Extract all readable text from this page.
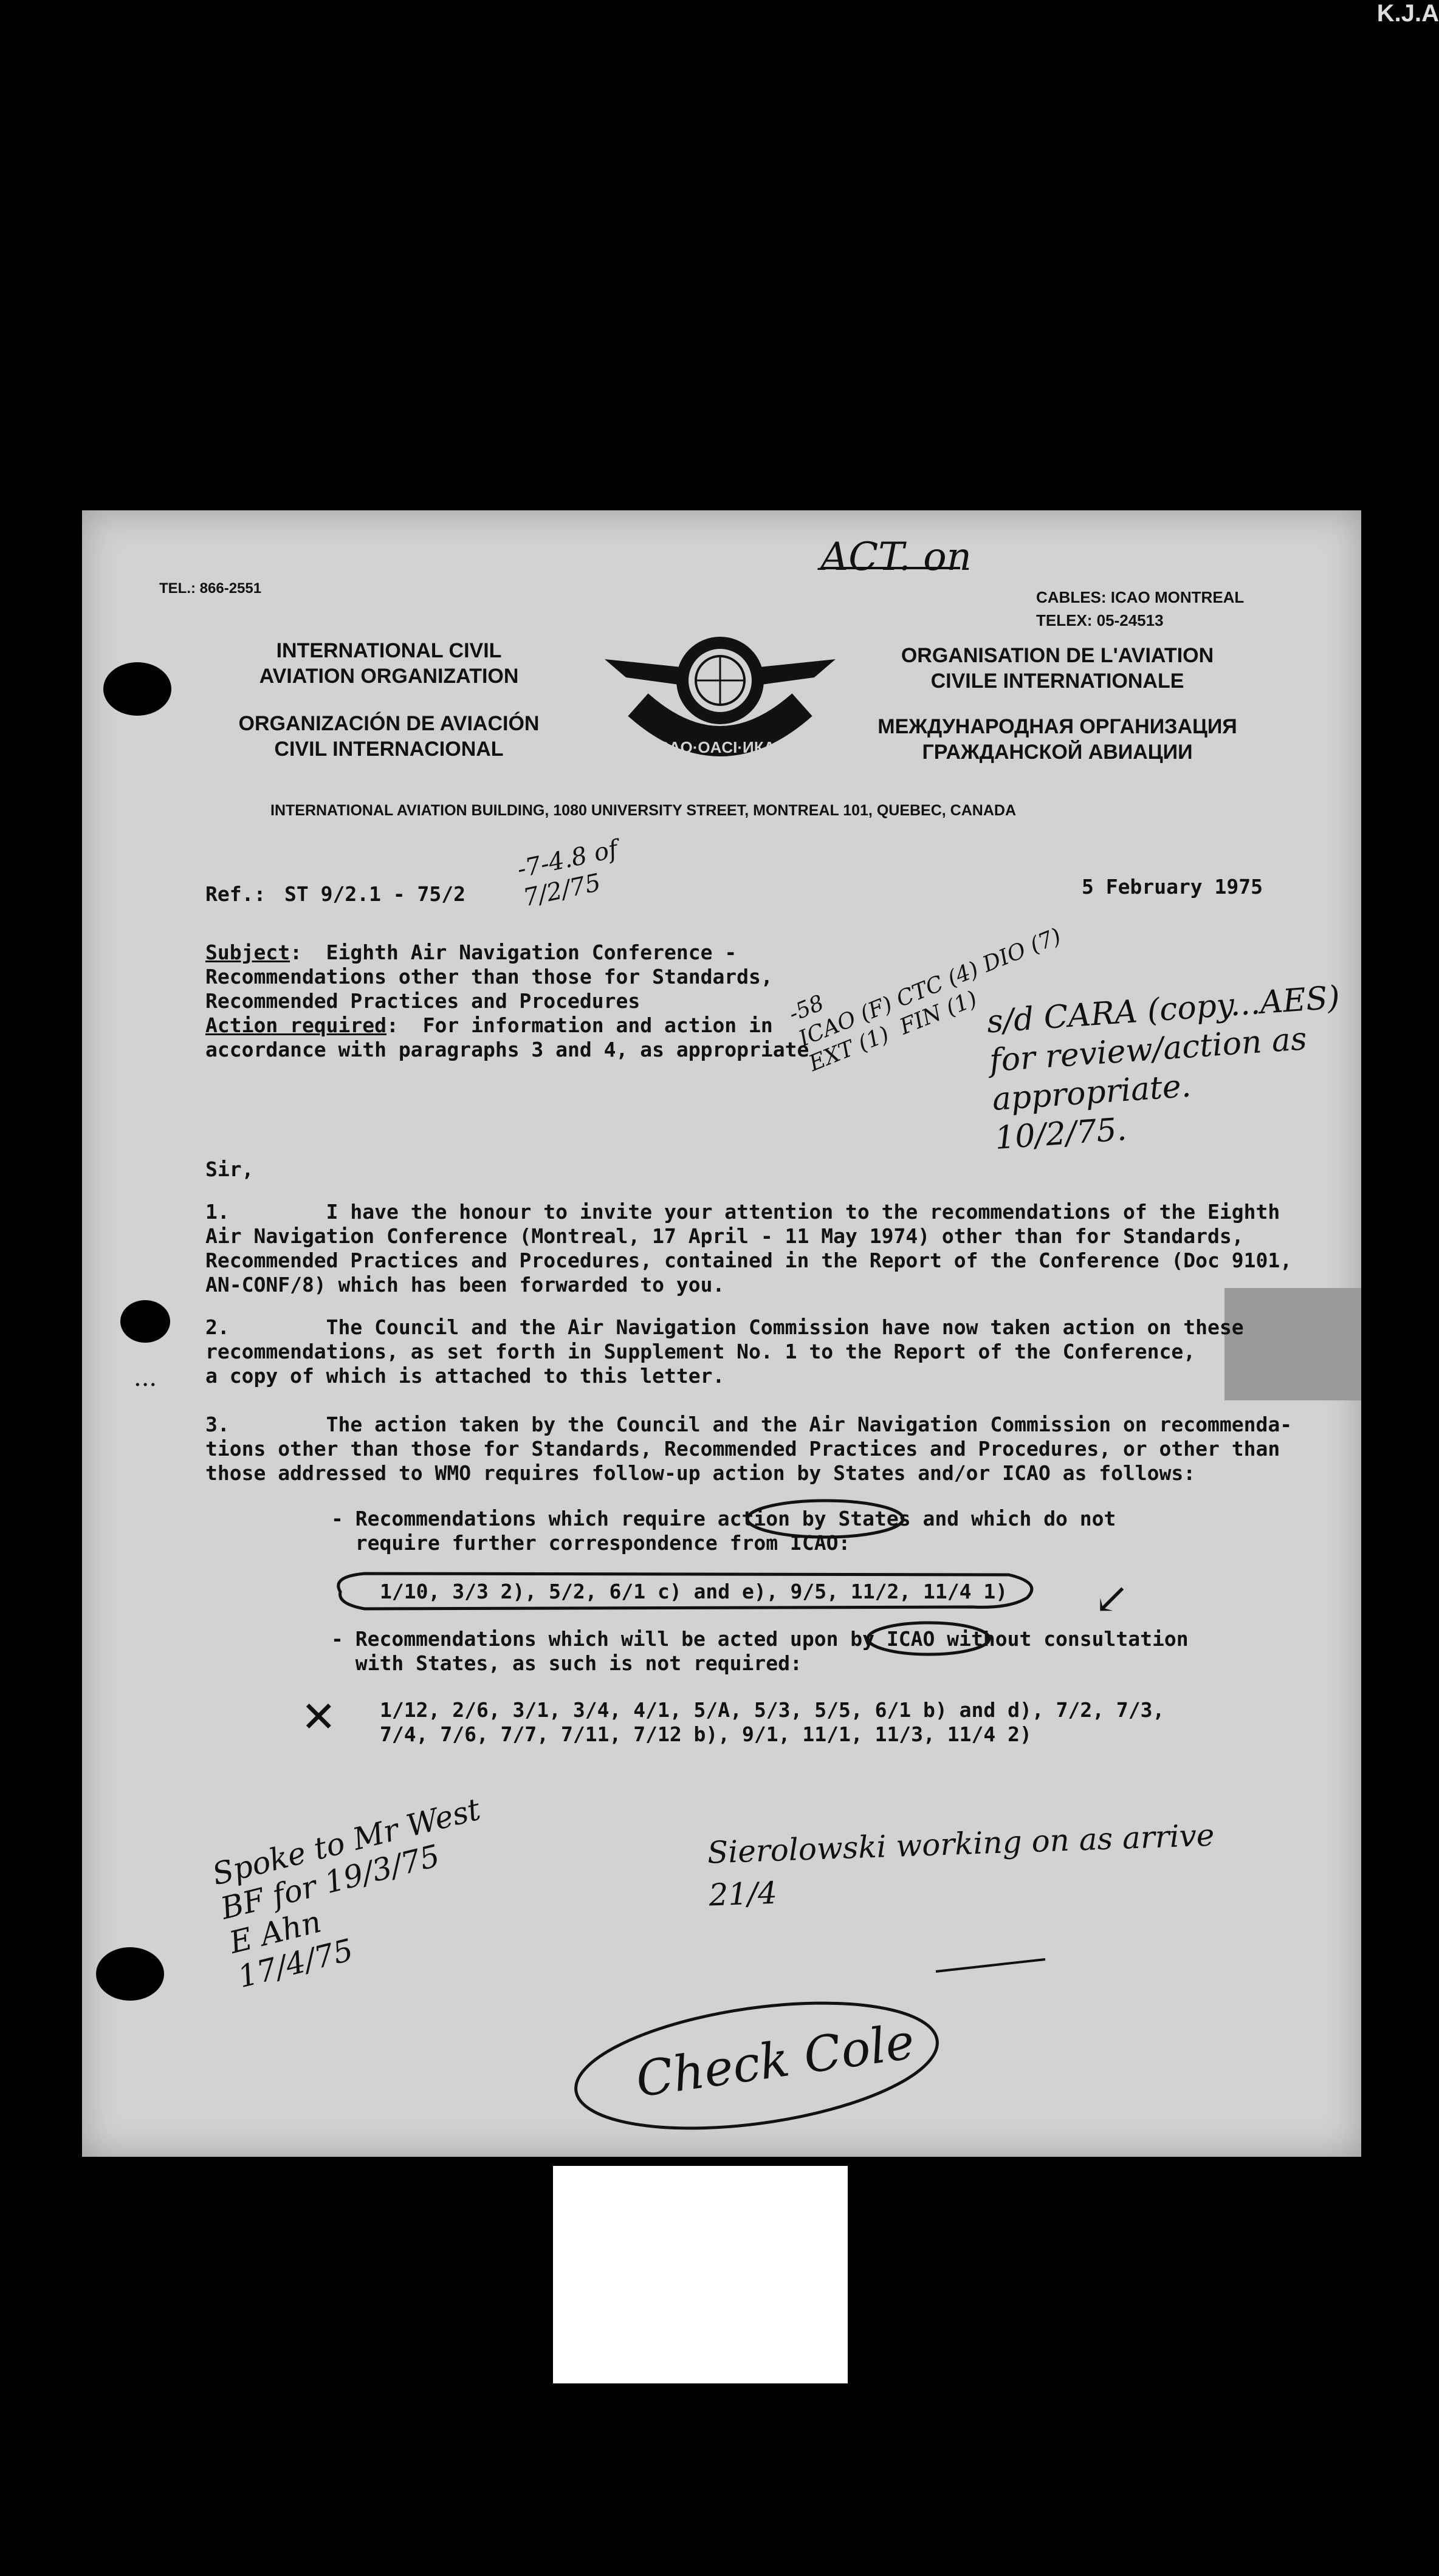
K.J.A
TEL.: 866-2551	CABLES: ICAO MONTREAL
TELEX: 05-24513
INTERNATIONAL CIVIL
AVIATION ORGANIZATION
ORGANIZACIÓN DE AVIACIÓN
CIVIL INTERNACIONAL
ORGANISATION DE L'AVIATION
CIVILE INTERNATIONALE
МЕЖДУНАРОДНАЯ ОРГАНИЗАЦИЯ
ГРАЖДАНСКОЙ АВИАЦИИ
ICAO·OACI·ИКАО
INTERNATIONAL AVIATION BUILDING, 1080 UNIVERSITY STREET, MONTREAL 101, QUEBEC, CANADA
Ref.: ST 9/2.1 - 75/2	5 February 1975
Subject:  Eighth Air Navigation Conference -
Recommendations other than those for Standards,
Recommended Practices and Procedures
Action required:  For information and action in
accordance with paragraphs 3 and 4, as appropriate
Sir,
1.        I have the honour to invite your attention to the recommendations of the Eighth
Air Navigation Conference (Montreal, 17 April - 11 May 1974) other than for Standards,
Recommended Practices and Procedures, contained in the Report of the Conference (Doc 9101,
AN-CONF/8) which has been forwarded to you.
2.        The Council and the Air Navigation Commission have now taken action on these
recommendations, as set forth in Supplement No. 1 to the Report of the Conference,
a copy of which is attached to this letter.
3.        The action taken by the Council and the Air Navigation Commission on recommenda-
tions other than those for Standards, Recommended Practices and Procedures, or other than
those addressed to WMO requires follow-up action by States and/or ICAO as follows:
- Recommendations which require action by States and which do not
require further correspondence from ICAO:
1/10, 3/3 2), 5/2, 6/1 c) and e), 9/5, 11/2, 11/4 1)
- Recommendations which will be acted upon by ICAO without consultation
with States, as such is not required:
1/12, 2/6, 3/1, 3/4, 4/1, 5/A, 5/3, 5/5, 6/1 b) and d), 7/2, 7/3,
7/4, 7/6, 7/7, 7/11, 7/12 b), 9/1, 11/1, 11/3, 11/4 2)
ACT. on
-7-4.8 of
7/2/75
-58
ICAO (F) CTC (4) DIO (7)
EXT (1)  FIN (1) s/d CARA (copy...AES)
for review/action as
appropriate.
10/2/75.
Spoke to Mr West
BF for 19/3/75
E Ahn
17/4/75
Sierolowski working on as arrive
21/4
Check Cole
✕
...
↙
